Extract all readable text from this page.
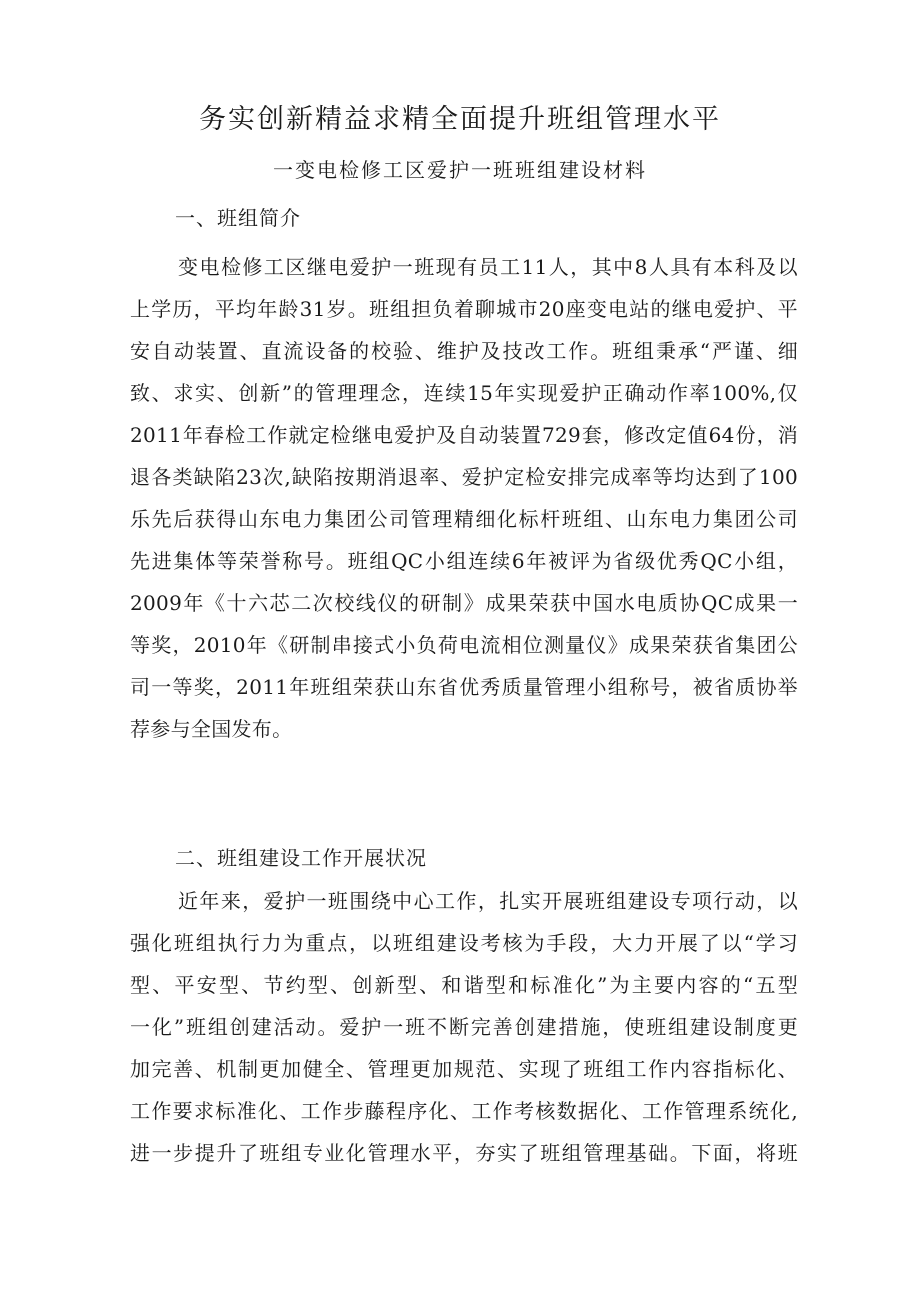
务实创新精益求精全面提升班组管理水平
一变电检修工区爱护一班班组建设材料
一、班组简介
变电检修工区继电爱护一班现有员工11人，其中8人具有本科及以
上学历，平均年龄31岁。班组担负着聊城市20座变电站的继电爱护、平
安自动装置、直流设备的校验、维护及技改工作。班组秉承“严谨、细
致、求实、创新”的管理理念，连续15年实现爱护正确动作率100%,仅
2011年春检工作就定检继电爱护及自动装置729套，修改定值64份，消
退各类缺陷23次,缺陷按期消退率、爱护定检安排完成率等均达到了100
乐先后获得山东电力集团公司管理精细化标杆班组、山东电力集团公司
先进集体等荣誉称号。班组QC小组连续6年被评为省级优秀QC小组，
2009年《十六芯二次校线仪的研制》成果荣获中国水电质协QC成果一
等奖，2010年《研制串接式小负荷电流相位测量仪》成果荣获省集团公
司一等奖，2011年班组荣获山东省优秀质量管理小组称号，被省质协举
荐参与全国发布。
二、班组建设工作开展状况
近年来，爱护一班围绕中心工作，扎实开展班组建设专项行动，以
强化班组执行力为重点，以班组建设考核为手段，大力开展了以“学习
型、平安型、节约型、创新型、和谐型和标准化”为主要内容的“五型
一化”班组创建活动。爱护一班不断完善创建措施，使班组建设制度更
加完善、机制更加健全、管理更加规范、实现了班组工作内容指标化、
工作要求标准化、工作步藤程序化、工作考核数据化、工作管理系统化,
进一步提升了班组专业化管理水平，夯实了班组管理基础。下面，将班
